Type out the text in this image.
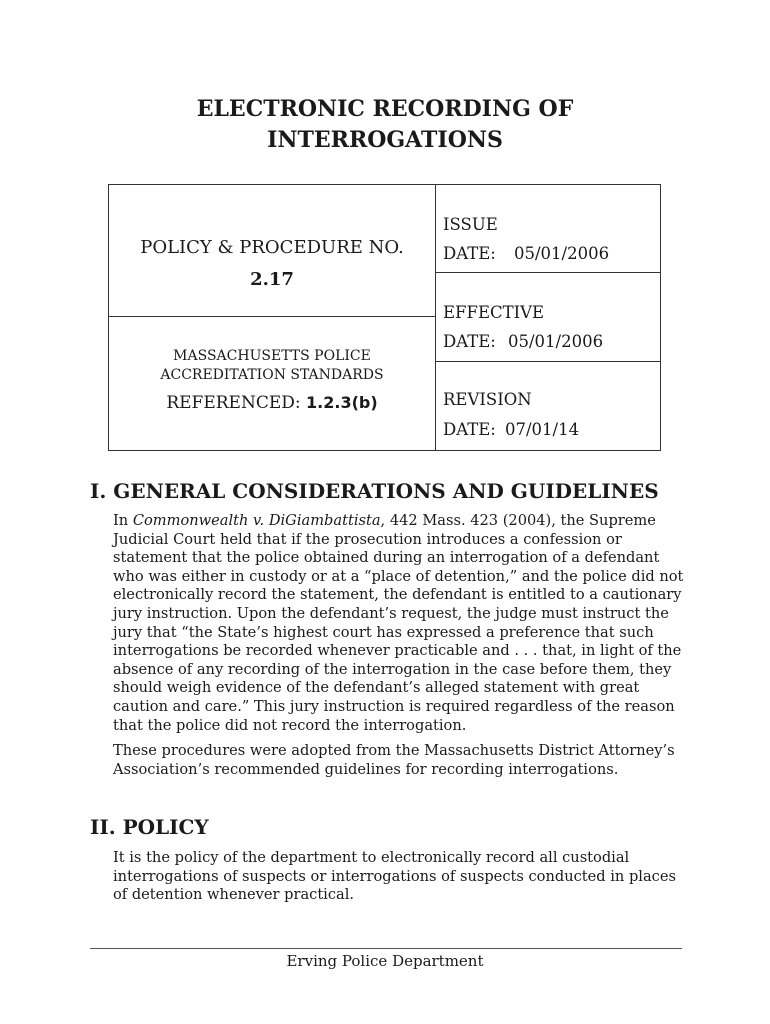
ELECTRONIC RECORDING OF
INTERROGATIONS
POLICY & PROCEDURE NO.
2.17

ISSUE
DATE: 05/01/2006

EFFECTIVE
DATE: 05/01/2006

MASSACHUSETTS POLICE
ACCREDITATION STANDARDS
REFERENCED: 1.2.3(b)

REVISION
DATE: 07/01/14
I. GENERAL CONSIDERATIONS AND GUIDELINES

In Commonwealth v. DiGiambattista, 442 Mass. 423 (2004), the Supreme Judicial Court held that if the prosecution introduces a confession or statement that the police obtained during an interrogation of a defendant who was either in custody or at a “place of detention,” and the police did not electronically record the statement, the defendant is entitled to a cautionary jury instruction. Upon the defendant’s request, the judge must instruct the jury that “the State’s highest court has expressed a preference that such interrogations be recorded whenever practicable and . . . that, in light of the absence of any recording of the interrogation in the case before them, they should weigh evidence of the defendant’s alleged statement with great caution and care.” This jury instruction is required regardless of the reason that the police did not record the interrogation.

These procedures were adopted from the Massachusetts District Attorney’s Association’s recommended guidelines for recording interrogations.

II. POLICY

It is the policy of the department to electronically record all custodial interrogations of suspects or interrogations of suspects conducted in places of detention whenever practical.

Erving Police Department
